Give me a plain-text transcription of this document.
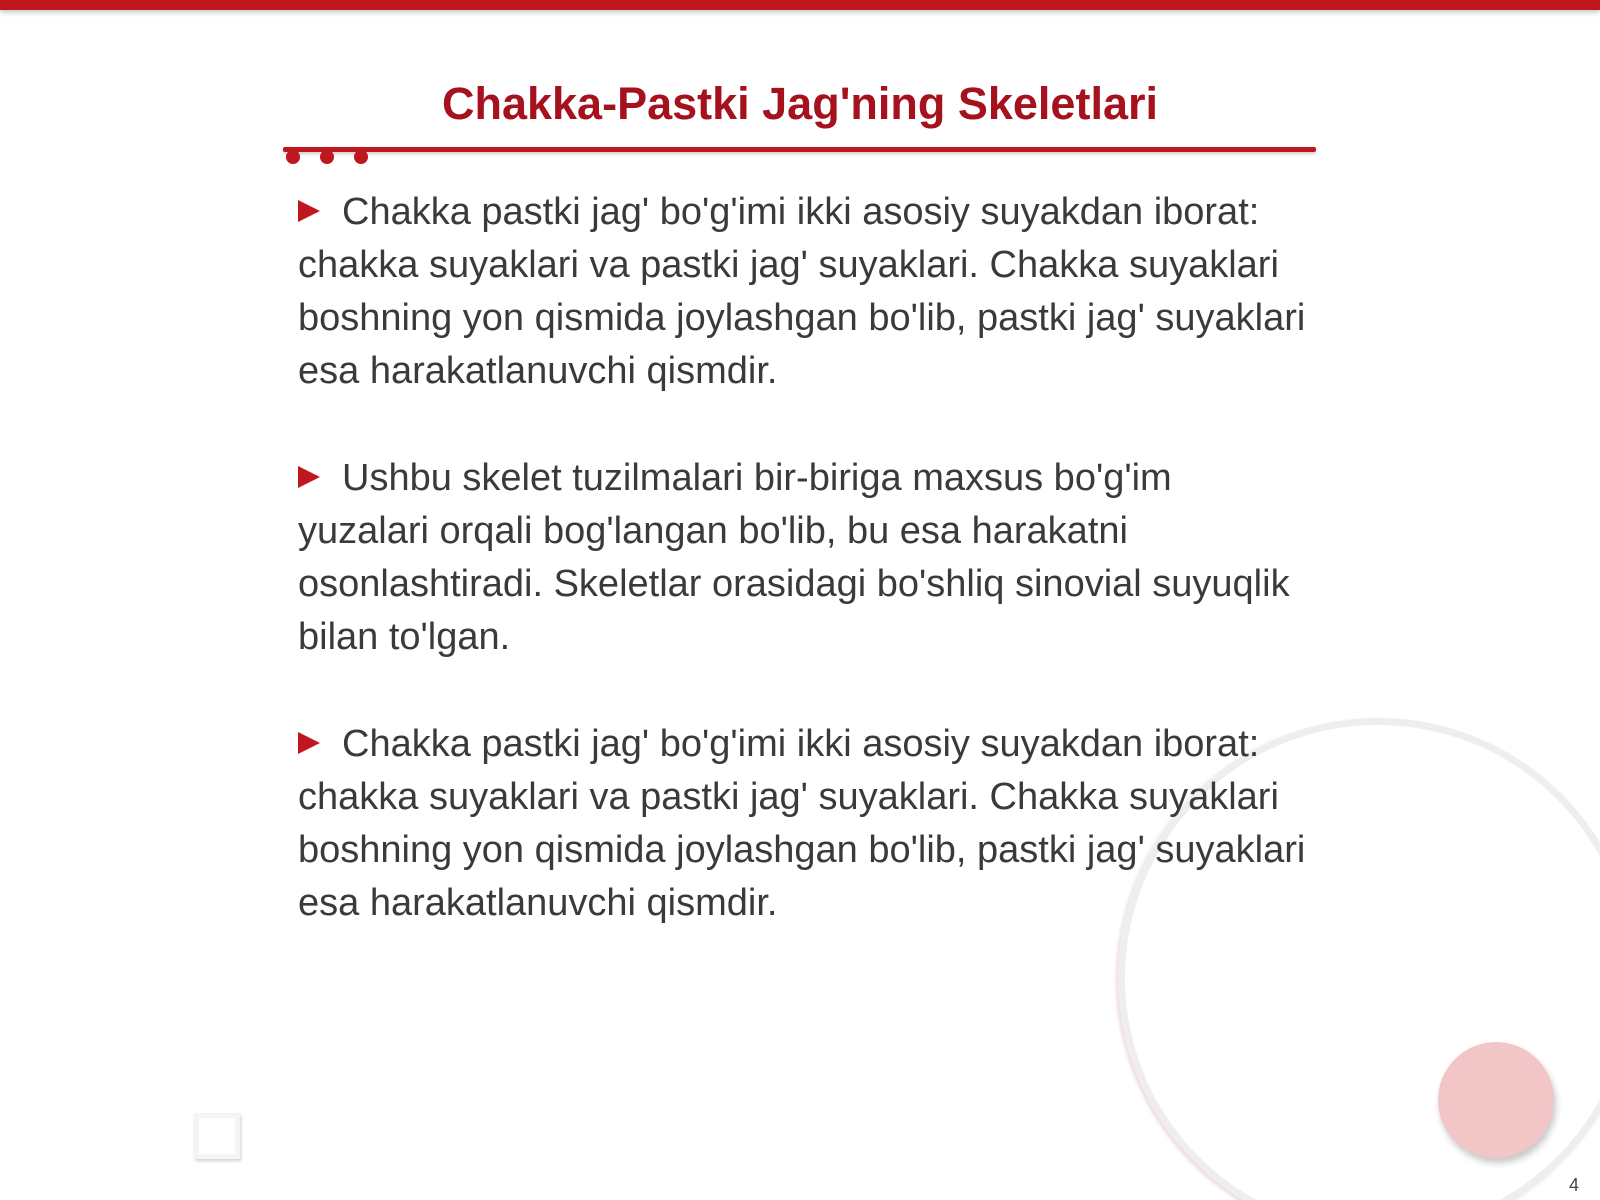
Chakka-Pastki Jag'ning Skeletlari

Chakka pastki jag' bo'g'imi ikki asosiy suyakdan iborat: chakka suyaklari va pastki jag' suyaklari. Chakka suyaklari boshning yon qismida joylashgan bo'lib, pastki jag' suyaklari esa harakatlanuvchi qismdir.

Ushbu skelet tuzilmalari bir-biriga maxsus bo'g'im yuzalari orqali bog'langan bo'lib, bu esa harakatni osonlashtiradi. Skeletlar orasidagi bo'shliq sinovial suyuqlik bilan to'lgan.

Chakka pastki jag' bo'g'imi ikki asosiy suyakdan iborat: chakka suyaklari va pastki jag' suyaklari. Chakka suyaklari boshning yon qismida joylashgan bo'lib, pastki jag' suyaklari esa harakatlanuvchi qismdir.

4
